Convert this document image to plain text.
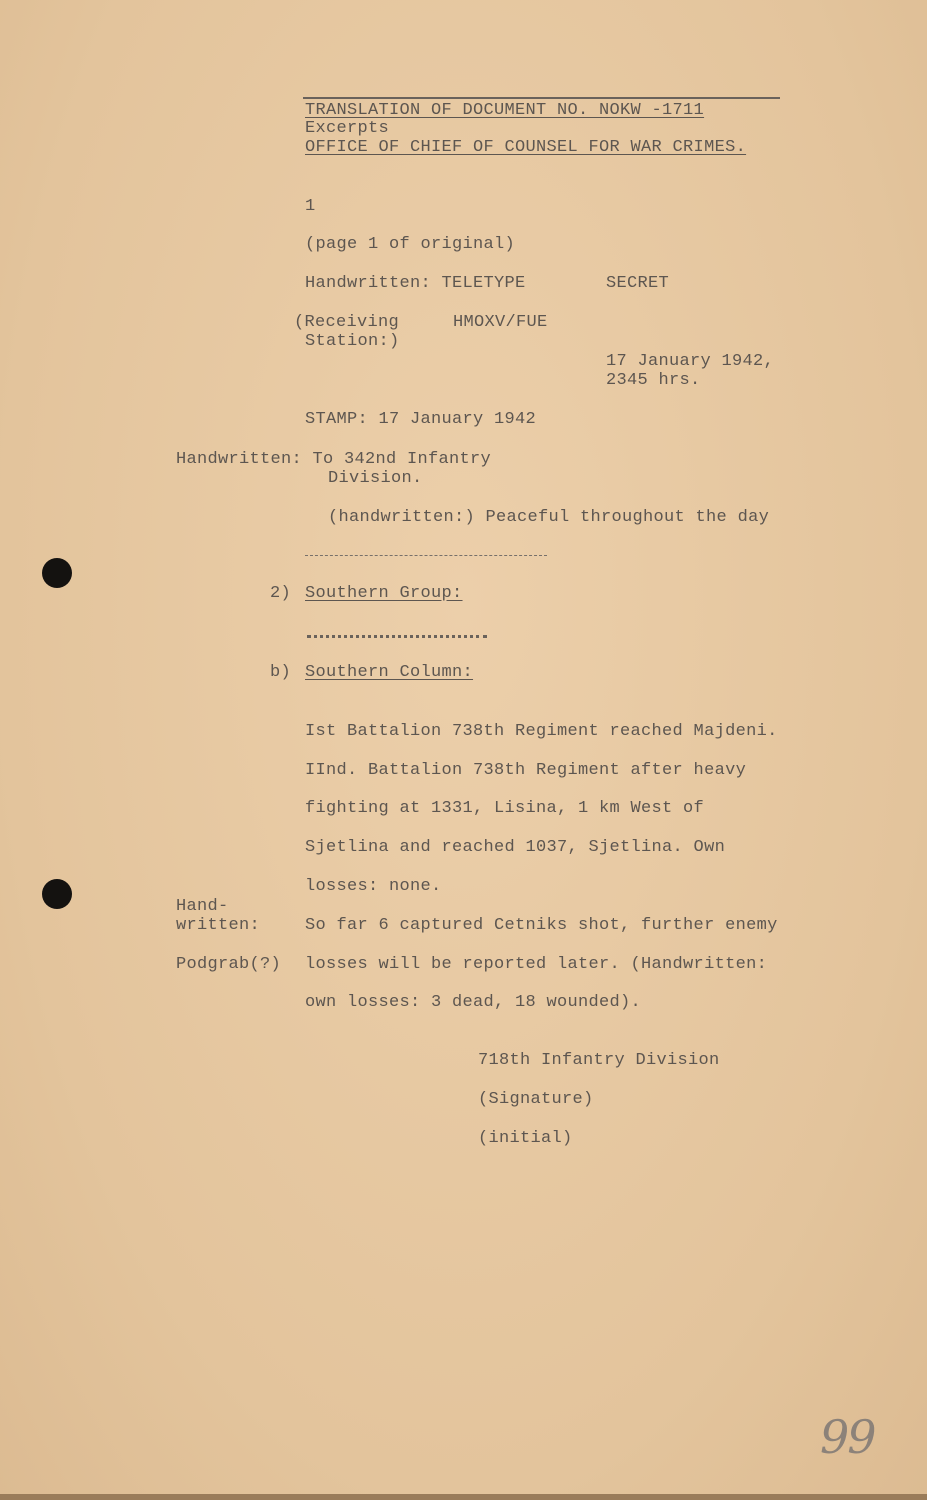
TRANSLATION OF DOCUMENT NO. NOKW -1711
Excerpts
OFFICE OF CHIEF OF COUNSEL FOR WAR CRIMES.
1
(page 1 of original)
Handwritten: TELETYPE	SECRET
(Receiving
Station:)
HMOXV/FUE
17 January 1942,
2345 hrs.
STAMP: 17 January 1942
Handwritten: To 342nd Infantry
Division.
(handwritten:) Peaceful throughout the day
2) Southern Group:
b) Southern Column:
Ist Battalion 738th Regiment reached Majdeni.
IInd. Battalion 738th Regiment after heavy
fighting at 1331, Lisina, 1 km West of
Sjetlina and reached 1037, Sjetlina. Own
losses: none.
So far 6 captured Cetniks shot, further enemy
losses will be reported later. (Handwritten:
own losses: 3 dead, 18 wounded).
Hand-
written:
Podgrab(?)
718th Infantry Division
(Signature)
(initial)
99
